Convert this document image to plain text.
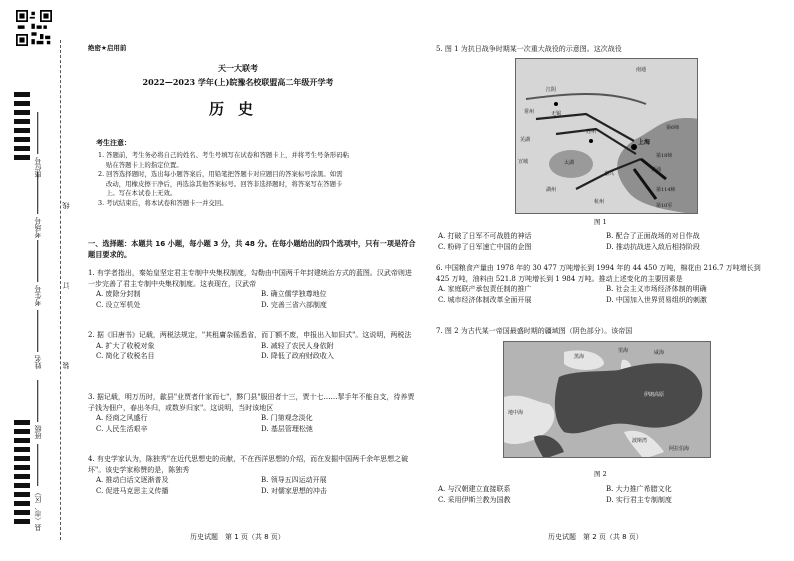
座位号
考场号
考生号
姓名
班级
县（市、区）
线
订
装
绝密★启用前
天一大联考
2022—2023 学年(上)皖豫名校联盟高二年级开学考
历史
考生注意：

1. 答题前，考生务必将自己的姓名、考生号填写在试卷和答题卡上，并将考生号条形码粘

贴在答题卡上的指定位置。

2. 回答选择题时，选出每小题答案后，用铅笔把答题卡对应题目的答案标号涂黑。如需

改动，用橡皮擦干净后，再选涂其他答案标号。回答非选择题时，将答案写在答题卡

上。写在本试卷上无效。

3. 考试结束后，将本试卷和答题卡一并交回。

一、选择题：本题共 16 小题，每小题 3 分，共 48 分。在每小题给出的四个选项中，只有一项是符合题目要求的。
1. 有学者指出，秦始皇坚定君主专制中央集权制度，勾勒由中国两千年封建统治方式的蓝图。汉武帝则进一步完善了君主专制中央集权制度。这表现在，汉武帝
A. 废除分封制	B. 确立儒学独尊地位
C. 设立军机处	D. 完善三省六部制度
2. 据《旧唐书》记载，两税法规定，"其租庸杂徭悉省，而丁额不废，申报出入如旧式"。这说明，两税法
A. 扩大了收税对象	B. 减轻了农民人身依附
C. 简化了收税名目	D. 降低了政府财政收入
3. 据记载，明万历时，歙县"业贾者什家而七"，黟门县"服田者十三，贾十七……挈手年不能自支，待养贾子钱为佃户，春出冬归，或数岁归家"。这说明，当时该地区
A. 经商之风盛行	B. 门第观念淡化
C. 人民生活艰辛	D. 基层管理松弛
4. 有史学家认为，陈独秀"在近代思想史的贡献，不在西洋思想的介绍，而在发掘中国两千余年思想之破坏"。该史学家称赞的是，陈独秀
A. 推动白话文逐渐普及	B. 领导五四运动开展
C. 促进马克思主义传播	D. 对儒家思想的冲击
历史试题　第 1 页（共 8 页）
5. 图 1 为抗日战争时期某一次重大战役的示意图。这次战役
南通
江阴
常州	无锡
苏州
上海
嘉兴
杭州
湖州
宣城
芜湖
太湖
黄浦
第10军
第6师
第114师
第18师
图 1
A. 打破了日军不可战胜的神话	B. 配合了正面战场的对日作战
C. 粉碎了日军速亡中国的企图	D. 推动抗战进入敌后相持阶段
6. 中国粮食产量由 1978 年的 30 477 万吨增长到 1994 年的 44 450 万吨，棉花由 216.7 万吨增长到 425 万吨，油料由 521.8 万吨增长到 1 984 万吨。推动上述变化的主要因素是
A. 家庭联产承包责任制的推广	B. 社会主义市场经济体制的明确
C. 城市经济体制改革全面开展	D. 中国加入世界贸易组织的刺激
7. 图 2 为古代某一帝国最盛时期的疆域图（阴色部分）。该帝国
黑海
里海	咸海
地中海
波斯湾
阿拉伯海
伊朗高原
图 2
A. 与汉朝建立直接联系	B. 大力推广希腊文化
C. 采用伊斯兰教为国教	D. 实行君主专制制度
历史试题　第 2 页（共 8 页）
